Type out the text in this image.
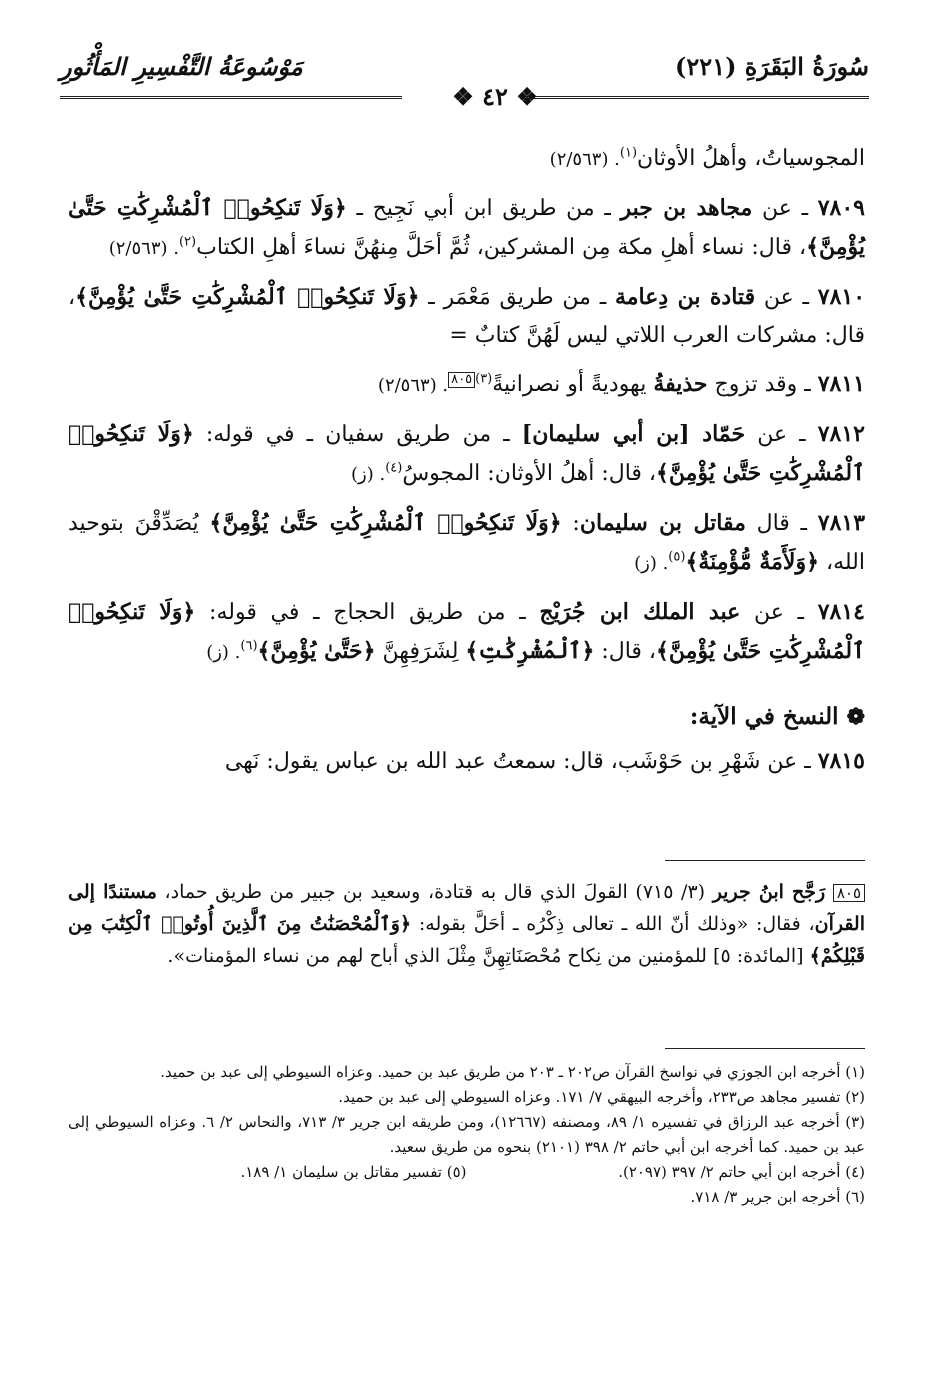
سُورَةُ البَقَرَةِ (٢٢١)
مَوْسُوعَةُ التَّفْسِيرِ المَأْثُورِ
❖ ٤٢ ❖

المجوسياتُ، وأهلُ الأوثان$^{(١)}$. (٢/٥٦٣)

٧٨٠٩ ـ عن مجاهد بن جبر ـ من طريق ابن أبي نَجِيح ـ ﴿وَلَا تَنكِحُوا۟ ٱلْمُشْرِكَٰتِ حَتَّىٰ يُؤْمِنَّ﴾، قال: نساء أهلِ مكة مِن المشركين، ثُمَّ أحَلَّ مِنهُنَّ نساءَ أهلِ الكتاب$^{(٢)}$. (٢/٥٦٣)

٧٨١٠ ـ عن قتادة بن دِعامة ـ من طريق مَعْمَر ـ ﴿وَلَا تَنكِحُوا۟ ٱلْمُشْرِكَٰتِ حَتَّىٰ يُؤْمِنَّ﴾، قال: مشركات العرب اللاتي ليس لَهُنَّ كتابٌ =

٧٨١١ ـ وقد تزوج حذيفةُ يهوديةً أو نصرانيةً$^{(٣)}$٨٠٥. (٢/٥٦٣)

٧٨١٢ ـ عن حَمّاد [بن أبي سليمان] ـ من طريق سفيان ـ في قوله: ﴿وَلَا تَنكِحُوا۟ ٱلْمُشْرِكَٰتِ حَتَّىٰ يُؤْمِنَّ﴾، قال: أهلُ الأوثان: المجوسُ$^{(٤)}$. (ز)

٧٨١٣ ـ قال مقاتل بن سليمان: ﴿وَلَا تَنكِحُوا۟ ٱلْمُشْرِكَٰتِ حَتَّىٰ يُؤْمِنَّ﴾ يُصَدِّقْنَ بتوحيد الله، ﴿وَلَأَمَةٌ مُّؤْمِنَةٌ﴾$^{(٥)}$. (ز)

٧٨١٤ ـ عن عبد الملك ابن جُرَيْج ـ من طريق الحجاج ـ في قوله: ﴿وَلَا تَنكِحُوا۟ ٱلْمُشْرِكَٰتِ حَتَّىٰ يُؤْمِنَّ﴾، قال: ﴿ٱلْمُشْرِكَٰتِ﴾ لِشَرَفِهِنَّ ﴿حَتَّىٰ يُؤْمِنَّ﴾$^{(٦)}$. (ز)

❁ النسخ في الآية:

٧٨١٥ ـ عن شَهْرِ بن حَوْشَب، قال: سمعتُ عبد الله بن عباس يقول: نَهى

٨٠٥ رَجَّح ابنُ جرير (٣/ ٧١٥) القولَ الذي قال به قتادة، وسعيد بن جبير من طريق حماد، مستندًا إلى القرآن، فقال: «وذلك أنّ الله ـ تعالى ذِكْرُه ـ أحَلَّ بقوله: ﴿وَٱلْمُحْصَنَٰتُ مِنَ ٱلَّذِينَ أُوتُوا۟ ٱلْكِتَٰبَ مِن قَبْلِكُمْ﴾ [المائدة: ٥] للمؤمنين من نِكاح مُحْصَنَاتِهِنَّ مِثْلَ الذي أباح لهم من نساء المؤمنات».

(١) أخرجه ابن الجوزي في نواسخ القرآن ص٢٠٢ ـ ٢٠٣ من طريق عبد بن حميد. وعزاه السيوطي إلى عبد بن حميد.

(٢) تفسير مجاهد ص٢٣٣، وأخرجه البيهقي ٧/ ١٧١. وعزاه السيوطي إلى عبد بن حميد.

(٣) أخرجه عبد الرزاق في تفسيره ١/ ٨٩، ومصنفه (١٢٦٦٧)، ومن طريقه ابن جرير ٣/ ٧١٣، والنحاس ٢/ ٦. وعزاه السيوطي إلى عبد بن حميد. كما أخرجه ابن أبي حاتم ٢/ ٣٩٨ (٢١٠١) بنحوه من طريق سعيد.

(٤) أخرجه ابن أبي حاتم ٢/ ٣٩٧ (٢٠٩٧).

(٥) تفسير مقاتل بن سليمان ١/ ١٨٩.

(٦) أخرجه ابن جرير ٣/ ٧١٨.
